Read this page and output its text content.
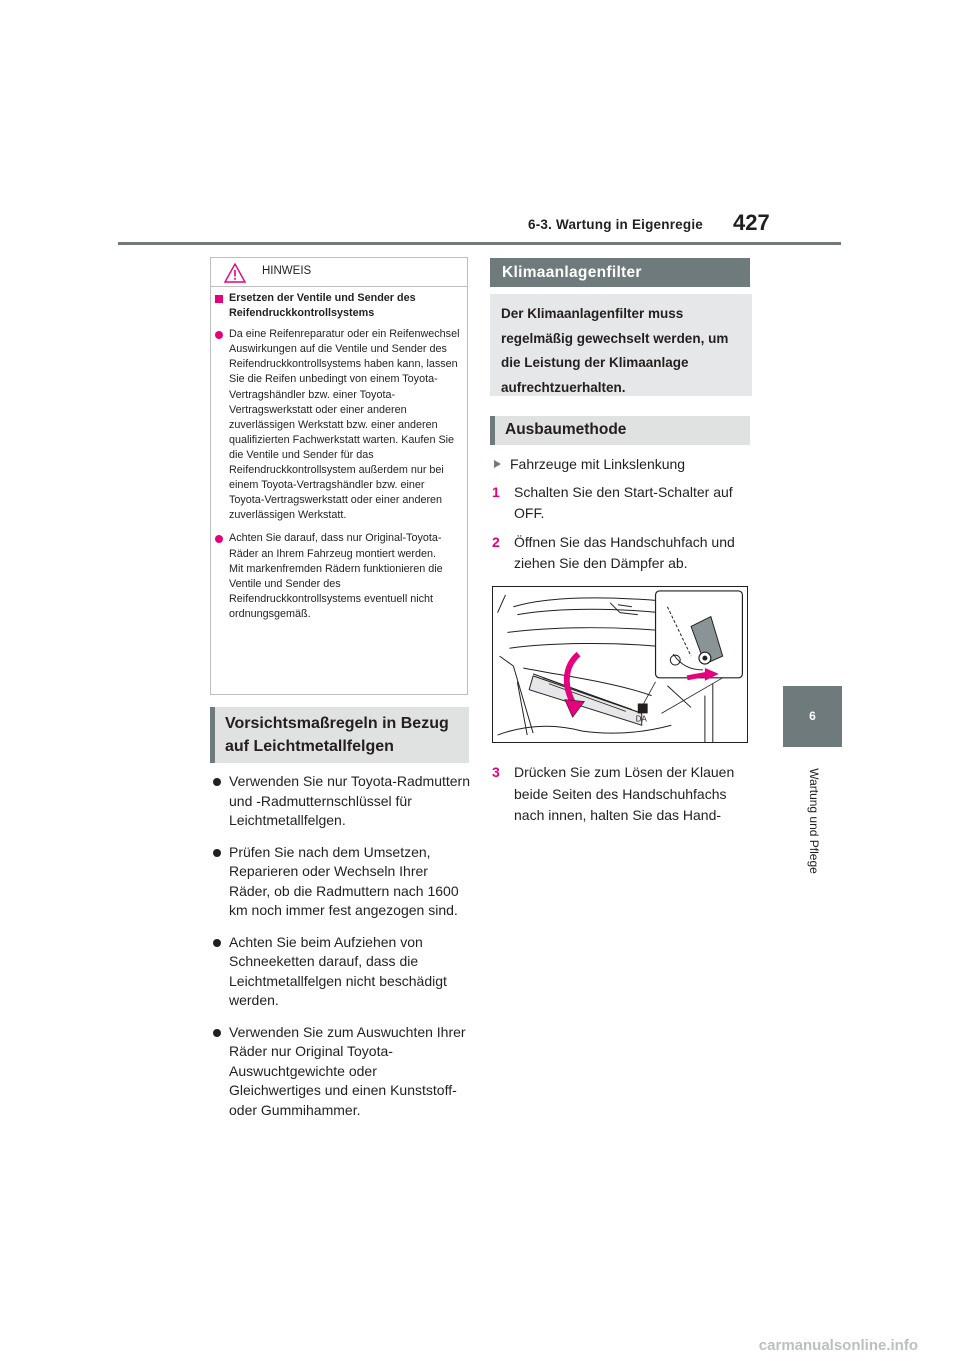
6-3. Wartung in Eigenregie 427
6
Wartung und Pflege
HINWEIS
Ersetzen der Ventile und Sender des Reifendruckkontrollsystems
Da eine Reifenreparatur oder ein Reifenwechsel Auswirkungen auf die Ventile und Sender des Reifendruckkontrollsystems haben kann, lassen Sie die Reifen unbedingt von einem Toyota-Vertragshändler bzw. einer Toyota-Vertragswerkstatt oder einer anderen zuverlässigen Werkstatt bzw. einer anderen qualifizierten Fachwerkstatt warten. Kaufen Sie die Ventile und Sender für das Reifendruckkontrollsystem außerdem nur bei einem Toyota-Vertragshändler bzw. einer Toyota-Vertragswerkstatt oder einer anderen zuverlässigen Werkstatt.
Achten Sie darauf, dass nur Original-Toyota-Räder an Ihrem Fahrzeug montiert werden.
Mit markenfremden Rädern funktionieren die Ventile und Sender des Reifendruckkontrollsystems eventuell nicht ordnungsgemäß.
Vorsichtsmaßregeln in Bezug auf Leichtmetallfelgen
Verwenden Sie nur Toyota-Radmuttern und -Radmutternschlüssel für Leichtmetallfelgen.
Prüfen Sie nach dem Umsetzen, Reparieren oder Wechseln Ihrer Räder, ob die Radmuttern nach 1600 km noch immer fest angezogen sind.
Achten Sie beim Aufziehen von Schneeketten darauf, dass die Leichtmetallfelgen nicht beschädigt werden.
Verwenden Sie zum Auswuchten Ihrer Räder nur Original Toyota-Auswuchtgewichte oder Gleichwertiges und einen Kunststoff- oder Gummihammer.
Klimaanlagenfilter
Der Klimaanlagenfilter muss regelmäßig gewechselt werden, um die Leistung der Klimaanlage aufrechtzuerhalten.
Ausbaumethode
Fahrzeuge mit Linkslenkung
1 Schalten Sie den Start-Schalter auf OFF.
2 Öffnen Sie das Handschuhfach und ziehen Sie den Dämpfer ab.
DA
3 Drücken Sie zum Lösen der Klauen beide Seiten des Handschuhfachs nach innen, halten Sie das Hand-
carmanualsonline.info
